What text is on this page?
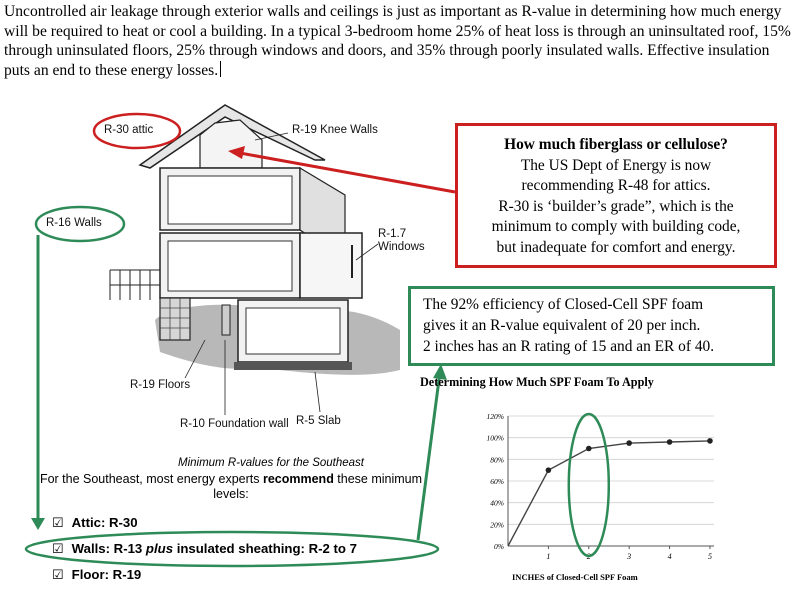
Uncontrolled air leakage through exterior walls and ceilings is just as important as R-value in determining how much energy will be required to heat or cool a building. In a typical 3-bedroom home 25% of heat loss is through an uninsultated roof, 15% through uninsulated floors, 25% through windows and doors, and 35% through poorly insulated walls. Effective insulation puts an end to these energy losses.
R-30 attic	R-19 Knee Walls
R-16 Walls
R-1.7
Windows
R-19 Floors
R-10 Foundation wall R-5 Slab
How much fiberglass or cellulose?
The US Dept of Energy is now
recommending R-48 for attics.
R-30 is ‘builder’s grade”, which is the
minimum to comply with building code,
but inadequate for comfort and energy.
The 92% efficiency of Closed-Cell SPF foam
gives it an R-value equivalent of 20 per inch.
2 inches has an R rating of 15 and an ER of 40.
Minimum R-values for the Southeast
For the Southeast, most energy experts recommend these minimum levels:
☑ Attic: R-30
☑ Walls: R-13 plus insulated sheathing: R-2 to 7
☑ Floor: R-19
Determining How Much SPF Foam To Apply
0%
20%
40%
60%
80%
100%
120%
1	2	3	4	5
INCHES of Closed-Cell SPF Foam
